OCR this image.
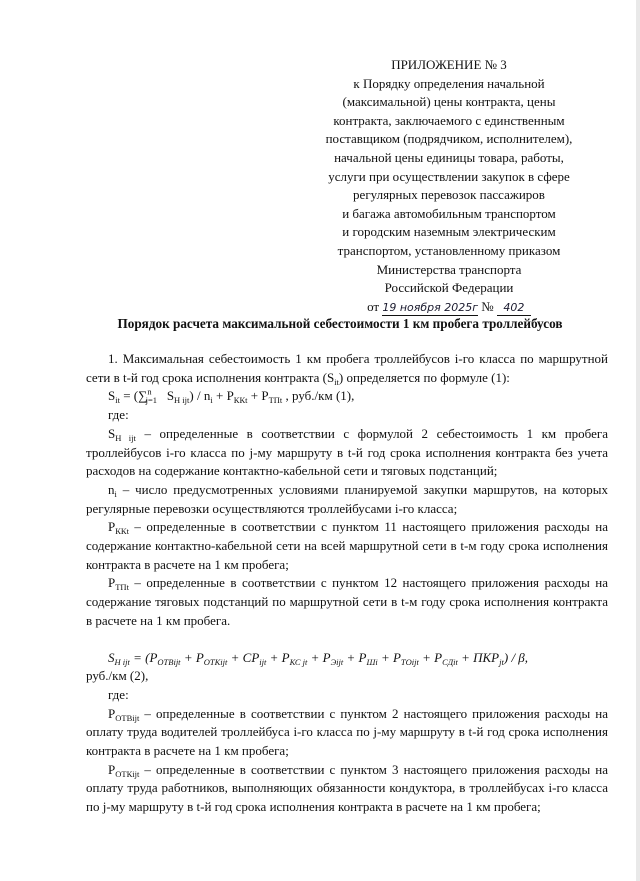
ПРИЛОЖЕНИЕ № 3
к Порядку определения начальной
(максимальной) цены контракта, цены
контракта, заключаемого с единственным
поставщиком (подрядчиком, исполнителем),
начальной цены единицы товара, работы,
услуги при осуществлении закупок в сфере
регулярных перевозок пассажиров
и багажа автомобильным транспортом
и городским наземным электрическим
транспортом, установленному приказом
Министерства транспорта
Российской Федерации
от 19 ноября 2025г № 402
Порядок расчета максимальной себестоимости 1 км пробега троллейбусов

1. Максимальная себестоимость 1 км пробега троллейбусов i-го класса по маршрутной сети в t-й год срока исполнения контракта $(S_{it})$ определяется по формуле (1):

$S_{it} = (\sum^n_{j=1}$ $S_{Н ijt}) / n_i + P_{ККt} + P_{ТПt}$ , руб./км (1),

где:

$S_{Н ijt}$ – определенные в соответствии с формулой 2 себестоимость 1 км пробега троллейбусов i-го класса по j-му маршруту в t-й год срока исполнения контракта без учета расходов на содержание контактно-кабельной сети и тяговых подстанций;

$n_i$ – число предусмотренных условиями планируемой закупки маршрутов, на которых регулярные перевозки осуществляются троллейбусами i-го класса;

$P_{ККt}$ – определенные в соответствии с пунктом 11 настоящего приложения расходы на содержание контактно-кабельной сети на всей маршрутной сети в t-м году срока исполнения контракта в расчете на 1 км пробега;

$P_{ТПt}$ – определенные в соответствии с пунктом 12 настоящего приложения расходы на содержание тяговых подстанций по маршрутной сети в t-м году срока исполнения контракта в расчете на 1 км пробега.

$S_{Н ijt} = (P_{ОТВijt} + P_{ОТКijt} + CP_{ijt} + P_{КС jt} + P_{Эijt} + P_{Шi} + P_{ТОijt} + P_{СДit} + ПКР_{jt}) / \beta$,

руб./км (2),

где:

$P_{ОТВijt}$ – определенные в соответствии с пунктом 2 настоящего приложения расходы на оплату труда водителей троллейбуса i-го класса по j-му маршруту в t-й год срока исполнения контракта в расчете на 1 км пробега;

$P_{ОТКijt}$ – определенные в соответствии с пунктом 3 настоящего приложения расходы на оплату труда работников, выполняющих обязанности кондуктора, в троллейбусах i-го класса по j-му маршруту в t-й год срока исполнения контракта в расчете на 1 км пробега;
